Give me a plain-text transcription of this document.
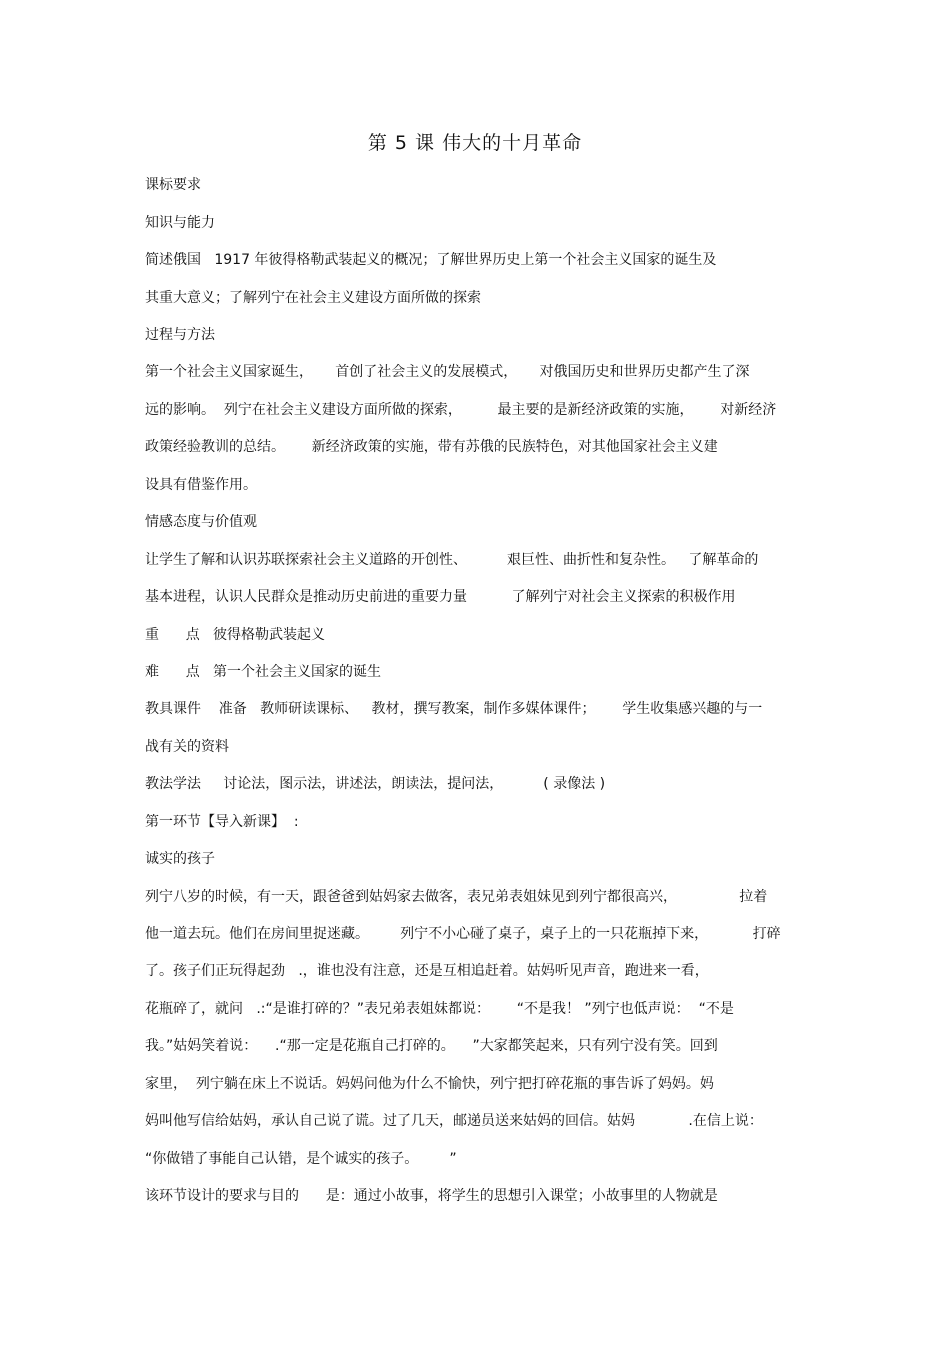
第 5 课 伟大的十月革命
课标要求
知识与能力
简述俄国   1917 年彼得格勒武装起义的概况；了解世界历史上第一个社会主义国家的诞生及
其重大意义；了解列宁在社会主义建设方面所做的探索
过程与方法
第一个社会主义国家诞生，     首创了社会主义的发展模式，     对俄国历史和世界历史都产生了深
远的影响。  列宁在社会主义建设方面所做的探索，        最主要的是新经济政策的实施，      对新经济
政策经验教训的总结。      新经济政策的实施，带有苏俄的民族特色，对其他国家社会主义建
设具有借鉴作用。
情感态度与价值观
让学生了解和认识苏联探索社会主义道路的开创性、         艰巨性、曲折性和复杂性。   了解革命的
基本进程，认识人民群众是推动历史前进的重要力量          了解列宁对社会主义探索的积极作用
重      点   彼得格勒武装起义
难      点   第一个社会主义国家的诞生
教具课件    准备   教师研读课标、   教材，撰写教案，制作多媒体课件；      学生收集感兴趣的与一
战有关的资料
教法学法     讨论法，图示法，讲述法，朗读法，提问法，         ( 录像法 )
第一环节【导入新课】  :
诚实的孩子
列宁八岁的时候，有一天，跟爸爸到姑妈家去做客，表兄弟表姐妹见到列宁都很高兴，              拉着
他一道去玩。他们在房间里捉迷藏。       列宁不小心碰了桌子，桌子上的一只花瓶掉下来，          打碎
了。孩子们正玩得起劲   .，谁也没有注意，还是互相追赶着。姑妈听见声音，跑进来一看，
花瓶碎了，就问   .:“是谁打碎的？”表兄弟表姐妹都说：      “不是我！ ”列宁也低声说：  “不是
我。”姑妈笑着说：    .“那一定是花瓶自己打碎的。    ”大家都笑起来，只有列宁没有笑。回到
家里，  列宁躺在床上不说话。妈妈问他为什么不愉快，列宁把打碎花瓶的事告诉了妈妈。妈
妈叫他写信给姑妈，承认自己说了谎。过了几天，邮递员送来姑妈的回信。姑妈            .在信上说：
“你做错了事能自己认错，是个诚实的孩子。       ”
该环节设计的要求与目的      是：通过小故事，将学生的思想引入课堂；小故事里的人物就是
